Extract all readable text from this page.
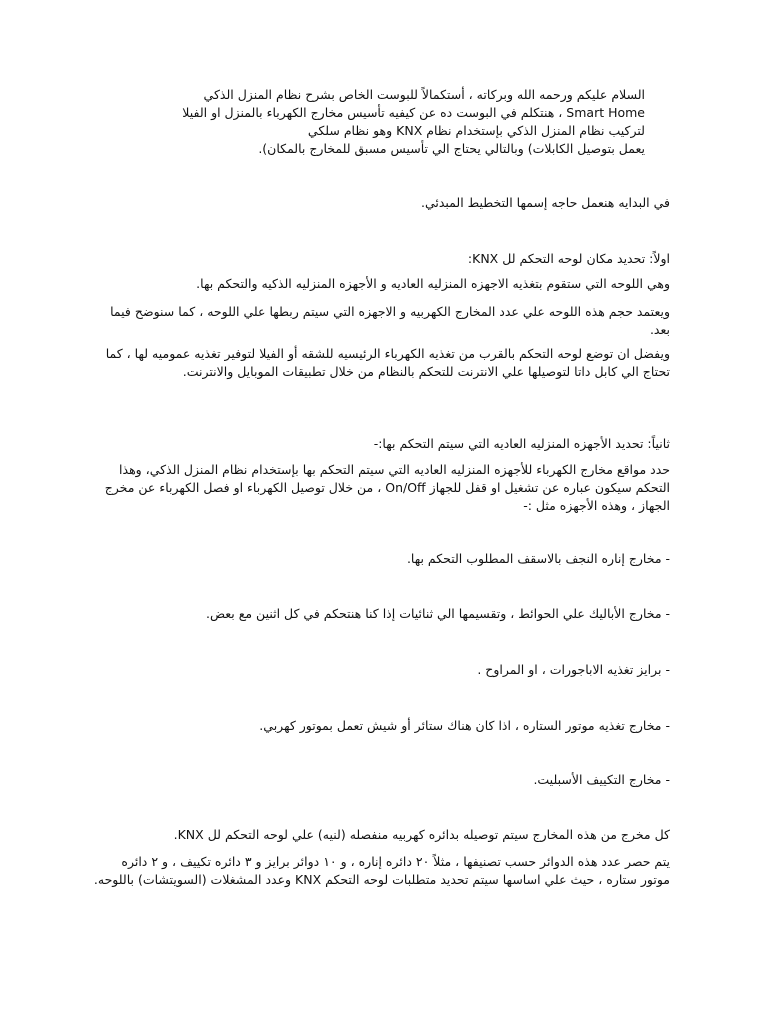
السلام عليكم ورحمه الله وبركاته ، أستكمالاً للبوست الخاص بشرح نظام المنزل الذكي Smart Home ، هنتكلم في البوست ده عن كيفيه تأسيس مخارج الكهرباء بالمنزل او الفيلا لتركيب نظام المنزل الذكي بإستخدام نظام KNX وهو نظام سلكي
يعمل بتوصيل الكابلات) وبالتالي يحتاج الي تأسيس مسبق للمخارج بالمكان).
في البدايه هنعمل حاجه إسمها التخطيط المبدئي.
اولاً: تحديد مكان لوحه التحكم لل KNX:
وهي اللوحه التي ستقوم بتغذيه الاجهزه المنزليه العاديه و الأجهزه المنزليه الذكيه والتحكم بها.
ويعتمد حجم هذه اللوحه علي عدد المخارج الكهربيه و الاجهزه التي سيتم ربطها علي اللوحه ، كما سنوضح فيما بعد.
ويفضل ان توضع لوحه التحكم بالقرب من تغذيه الكهرباء الرئيسيه للشقه أو الفيلا لتوفير تغذيه عموميه لها ، كما تحتاج الي كابل داتا لتوصيلها علي الانترنت للتحكم بالنظام من خلال تطبيقات الموبايل والانترنت.
ثانياً: تحديد الأجهزه المنزليه العاديه التي سيتم التحكم بها:-
حدد مواقع مخارج الكهرباء للأجهزه المنزليه العاديه التي سيتم التحكم بها بإستخدام نظام المنزل الذكي، وهذا التحكم سيكون عباره عن تشغيل او قفل للجهاز On/Off ، من خلال توصيل الكهرباء او فصل الكهرباء عن مخرج الجهاز ، وهذه الأجهزه مثل :-
- مخارج إناره النجف بالاسقف المطلوب التحكم بها.
- مخارج الأباليك علي الحوائط ، وتقسيمها الي ثنائيات إذا كنا هنتحكم في كل اثنين مع بعض.
- برايز تغذيه الاباجورات ، او المراوح .
- مخارج تغذيه موتور الستاره ، اذا كان هناك ستائر أو شيش تعمل بموتور كهربي.
- مخارج التكييف الأسبليت.
كل مخرج من هذه المخارج سيتم توصيله بدائره كهربيه منفصله (لنيه) علي لوحه التحكم لل KNX.
يتم حصر عدد هذه الدوائر حسب تصنيفها ، مثلاً ٢٠ دائره إناره ، و ١٠ دوائر برايز و ٣ دائره تكييف ، و ٢ دائره موتور ستاره ، حيث علي اساسها سيتم تحديد متطلبات لوحه التحكم KNX وعدد المشغلات (السويتشات) باللوحه.
